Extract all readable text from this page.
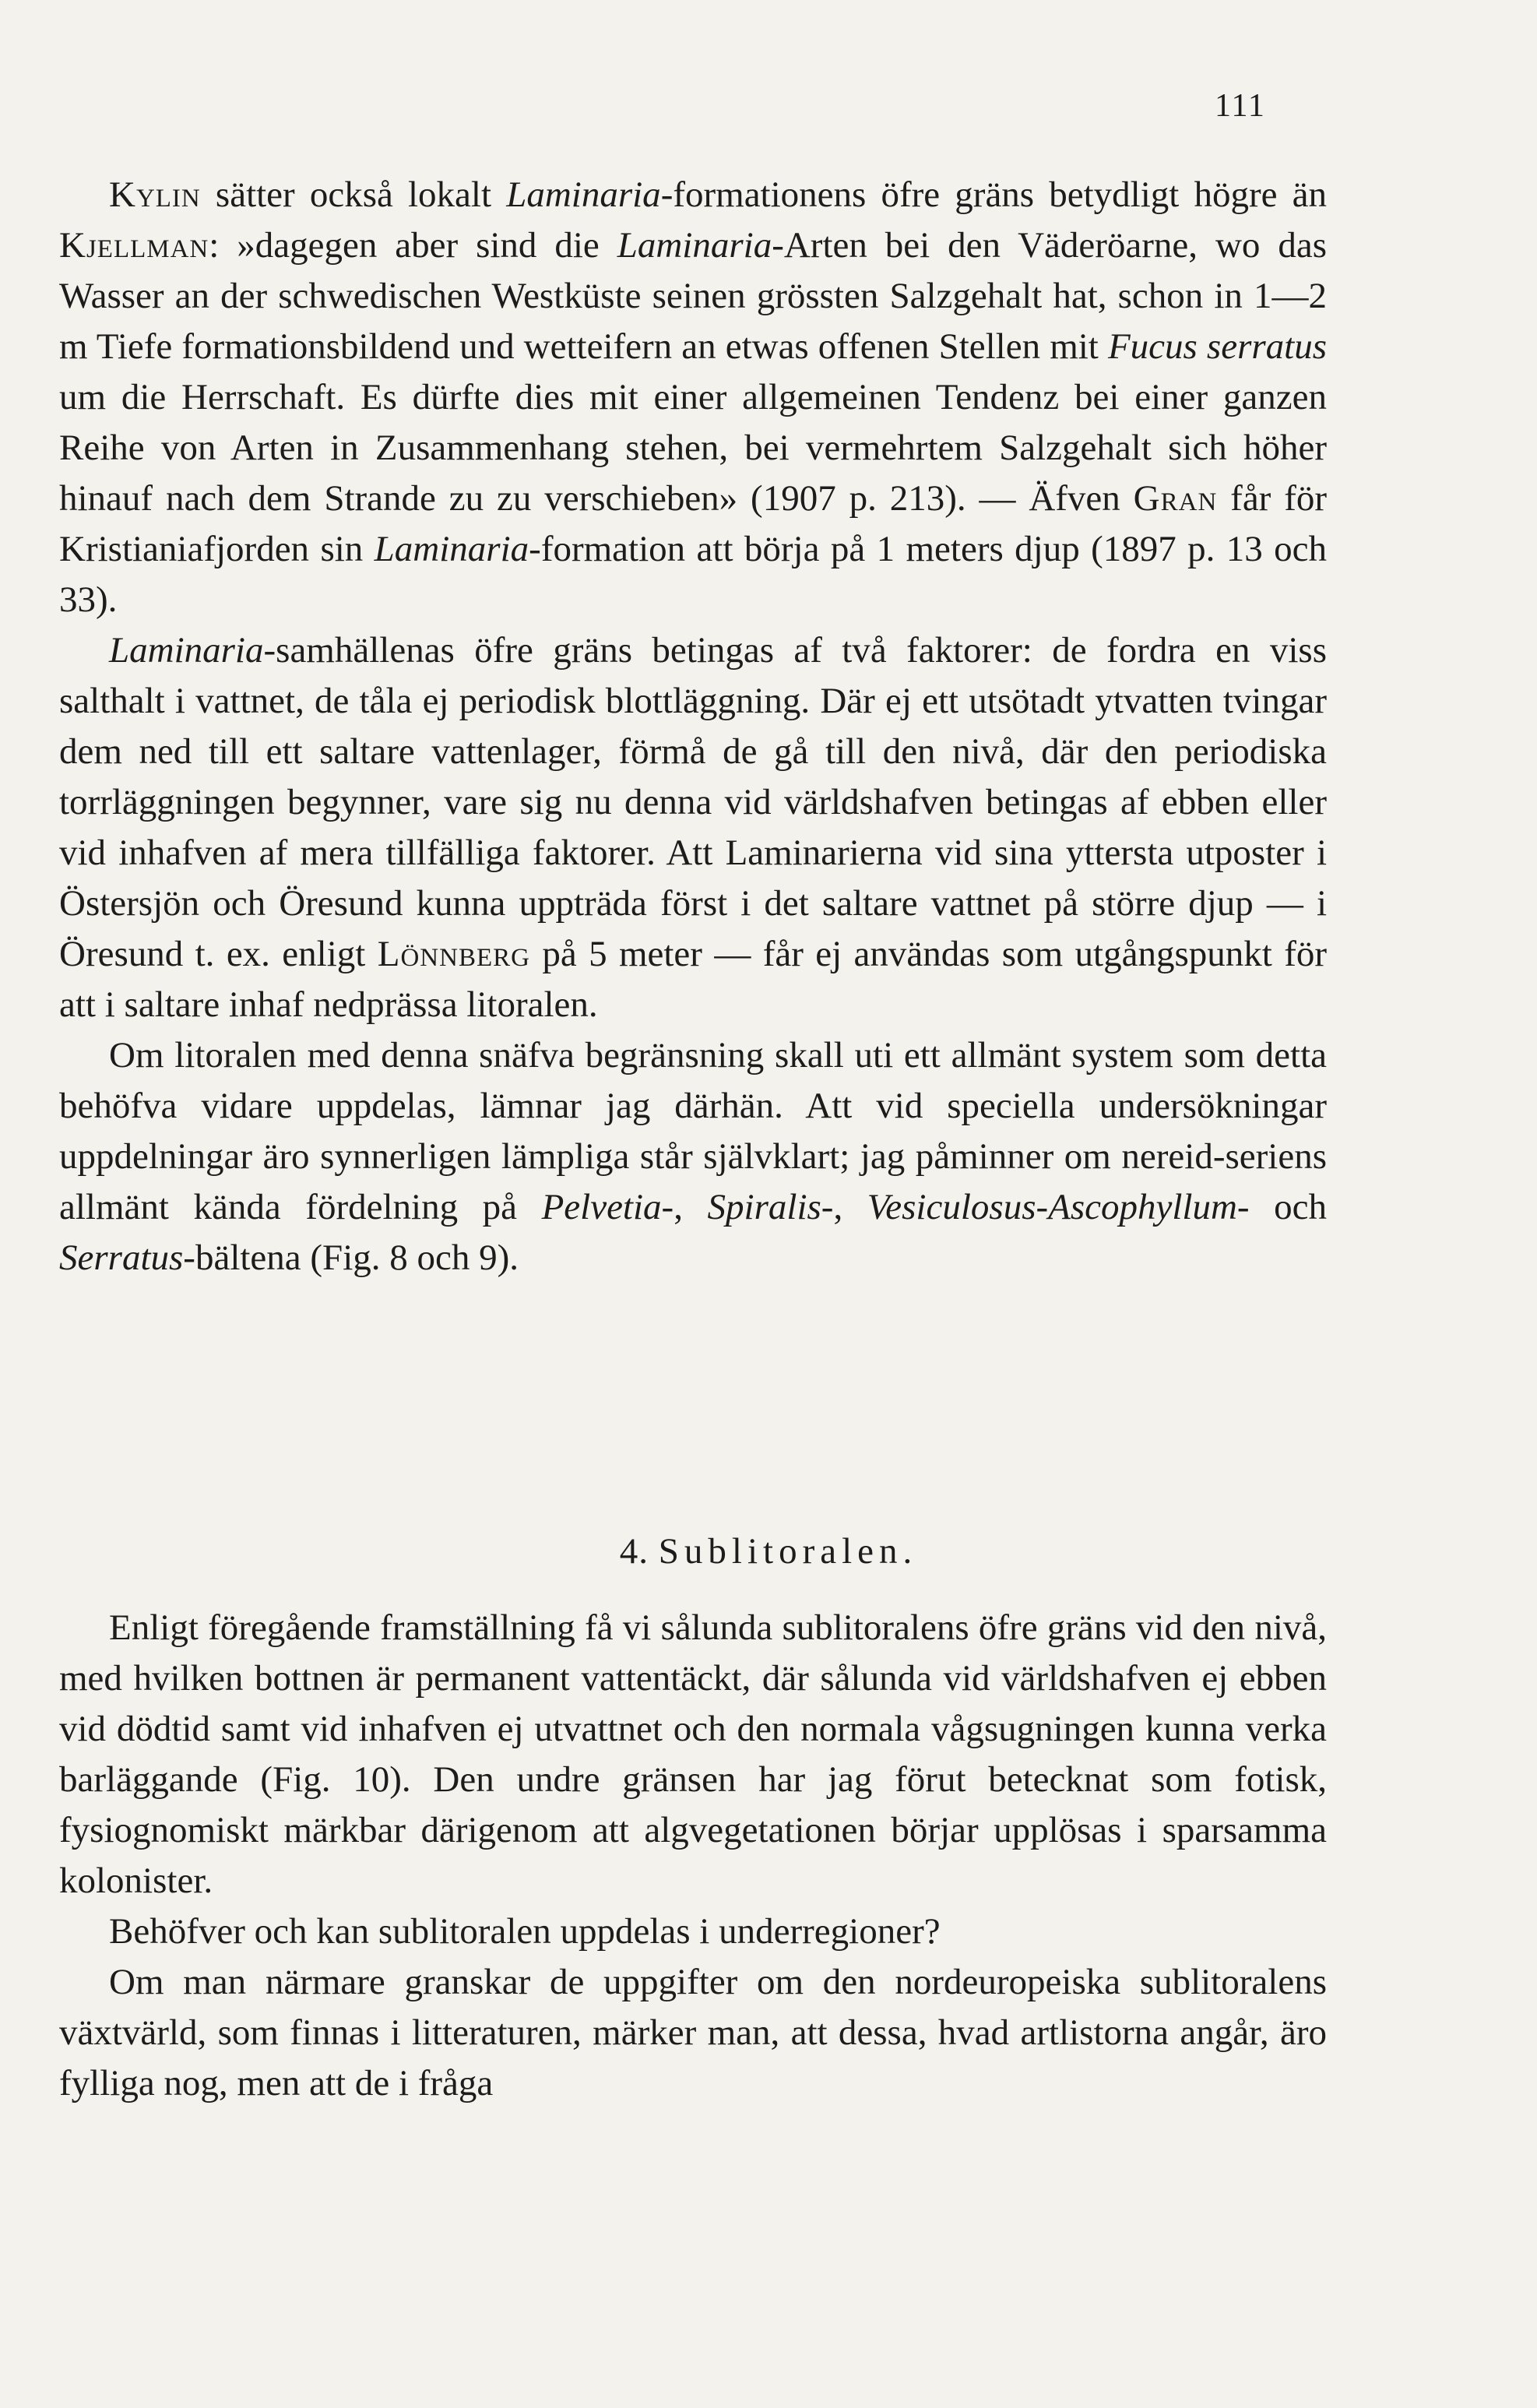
111

Kylin sätter också lokalt Laminaria-formationens öfre gräns betydligt högre än Kjellman: »dagegen aber sind die Laminaria-Arten bei den Väderöarne, wo das Wasser an der schwedischen Westküste seinen grössten Salzgehalt hat, schon in 1—2 m Tiefe formationsbildend und wetteifern an etwas offenen Stellen mit Fucus serratus um die Herrschaft. Es dürfte dies mit einer allgemeinen Tendenz bei einer ganzen Reihe von Arten in Zusammenhang stehen, bei vermehrtem Salzgehalt sich höher hinauf nach dem Strande zu zu verschieben» (1907 p. 213). — Äfven Gran får för Kristianiafjorden sin Laminaria-formation att börja på 1 meters djup (1897 p. 13 och 33).

Laminaria-samhällenas öfre gräns betingas af två faktorer: de fordra en viss salthalt i vattnet, de tåla ej periodisk blottläggning. Där ej ett utsötadt ytvatten tvingar dem ned till ett saltare vattenlager, förmå de gå till den nivå, där den periodiska torrläggningen begynner, vare sig nu denna vid världshafven betingas af ebben eller vid inhafven af mera tillfälliga faktorer. Att Laminarierna vid sina yttersta utposter i Östersjön och Öresund kunna uppträda först i det saltare vattnet på större djup — i Öresund t. ex. enligt Lönnberg på 5 meter — får ej användas som utgångspunkt för att i saltare inhaf nedprässa litoralen.

Om litoralen med denna snäfva begränsning skall uti ett allmänt system som detta behöfva vidare uppdelas, lämnar jag därhän. Att vid speciella undersökningar uppdelningar äro synnerligen lämpliga står självklart; jag påminner om nereid-seriens allmänt kända fördelning på Pelvetia-, Spiralis-, Vesiculosus-Ascophyllum- och Serratus-bältena (Fig. 8 och 9).

4. Sublitoralen.

Enligt föregående framställning få vi sålunda sublitoralens öfre gräns vid den nivå, med hvilken bottnen är permanent vattentäckt, där sålunda vid världshafven ej ebben vid dödtid samt vid inhafven ej utvattnet och den normala vågsugningen kunna verka barläggande (Fig. 10). Den undre gränsen har jag förut betecknat som fotisk, fysiognomiskt märkbar därigenom att algvegetationen börjar upplösas i sparsamma kolonister.

Behöfver och kan sublitoralen uppdelas i underregioner?

Om man närmare granskar de uppgifter om den nordeuropeiska sublitoralens växtvärld, som finnas i litteraturen, märker man, att dessa, hvad artlistorna angår, äro fylliga nog, men att de i fråga
